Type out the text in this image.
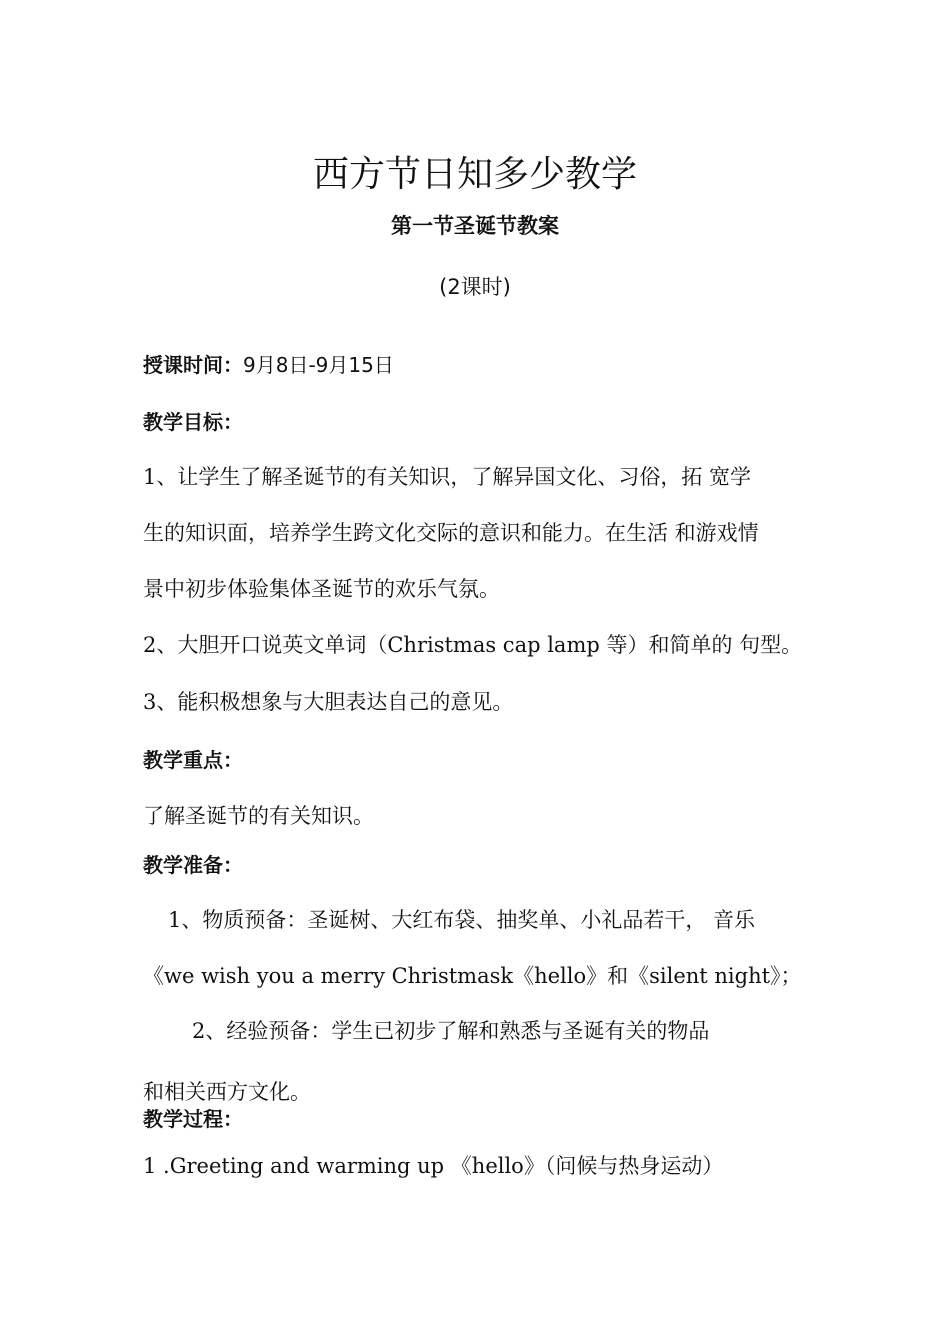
西方节日知多少教学
第一节圣诞节教案
(2课时)
授课时间：9月8日-9月15日
教学目标：
1、让学生了解圣诞节的有关知识，了解异国文化、习俗，拓 宽学
生的知识面，培养学生跨文化交际的意识和能力。在生活 和游戏情
景中初步体验集体圣诞节的欢乐气氛。
2、大胆开口说英文单词（Christmas cap lamp 等）和简单的 句型。
3、能积极想象与大胆表达自己的意见。
教学重点：
了解圣诞节的有关知识。
教学准备：
1、物质预备：圣诞树、大红布袋、抽奖单、小礼品若干， 音乐
《we wish you a merry Christmask《hello》和《silent night》；
2、经验预备：学生已初步了解和熟悉与圣诞有关的物品
和相关西方文化。
教学过程：
1 .Greeting and warming up 《hello》（问候与热身运动）
